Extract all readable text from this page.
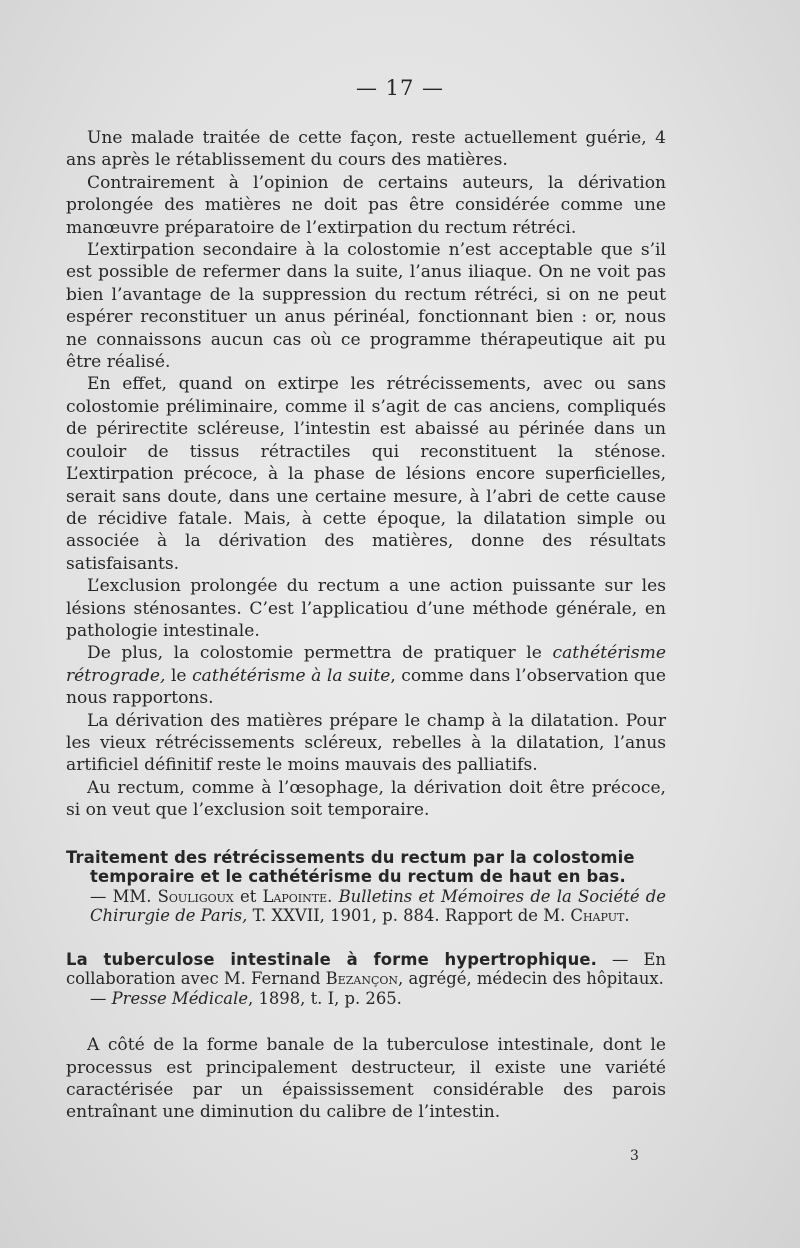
— 17 —

Une malade traitée de cette façon, reste actuellement guérie, 4 ans après le rétablissement du cours des matières.

Contrairement à l’opinion de certains auteurs, la dérivation prolongée des matières ne doit pas être considérée comme une manœuvre préparatoire de l’extirpation du rectum rétréci.

L’extirpation secondaire à la colostomie n’est acceptable que s’il est possible de refermer dans la suite, l’anus iliaque. On ne voit pas bien l’avantage de la suppression du rectum rétréci, si on ne peut espérer reconstituer un anus périnéal, fonctionnant bien : or, nous ne connaissons aucun cas où ce programme thérapeutique ait pu être réalisé.

En effet, quand on extirpe les rétrécissements, avec ou sans colostomie préliminaire, comme il s’agit de cas anciens, compliqués de périrectite scléreuse, l’intestin est abaissé au périnée dans un couloir de tissus rétractiles qui reconstituent la sténose. L’extirpation précoce, à la phase de lésions encore superficielles, serait sans doute, dans une certaine mesure, à l’abri de cette cause de récidive fatale. Mais, à cette époque, la dilatation simple ou associée à la dérivation des matières, donne des résultats satisfaisants.

L’exclusion prolongée du rectum a une action puissante sur les lésions sténosantes. C’est l’applicatiou d’une méthode générale, en pathologie intestinale.

De plus, la colostomie permettra de pratiquer le cathétérisme rétrograde, le cathétérisme à la suite, comme dans l’observation que nous rapportons.

La dérivation des matières prépare le champ à la dilatation. Pour les vieux rétrécissements scléreux, rebelles à la dilatation, l’anus artificiel définitif reste le moins mauvais des palliatifs.

Au rectum, comme à l’œsophage, la dérivation doit être précoce, si on veut que l’exclusion soit temporaire.

Traitement des rétrécissements du rectum par la colostomie

temporaire et le cathétérisme du rectum de haut en bas.
— MM. Souligoux et Lapointe. Bulletins et Mémoires de la Société de Chirurgie de Paris, T. XXVII, 1901, p. 884. Rapport de M. Chaput.
La tuberculose intestinale à forme hypertrophique. — En collaboration avec M. Fernand Bezançon, agrégé, médecin des hôpitaux.
— Presse Médicale, 1898, t. I, p. 265.

A côté de la forme banale de la tuberculose intestinale, dont le processus est principalement destructeur, il existe une variété caractérisée par un épaississement considérable des parois entraînant une diminution du calibre de l’intestin.

3
